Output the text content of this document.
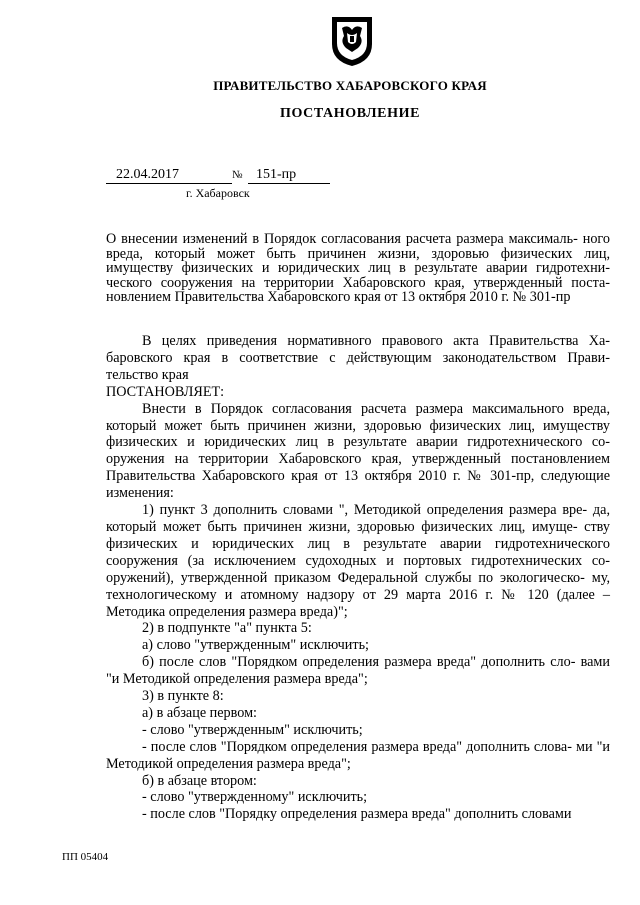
ПРАВИТЕЛЬСТВО ХАБАРОВСКОГО КРАЯ
ПОСТАНОВЛЕНИЕ
22.04.2017	№ 151-пр
г. Хабаровск
О внесении изменений в Порядок согласования расчета размера максималь- ного вреда, который может быть причинен жизни, здоровью физических лиц, имуществу физических и юридических лиц в результате аварии гидротехни- ческого сооружения на территории Хабаровского края, утвержденный поста- новлением Правительства Хабаровского края от 13 октября 2010 г. № 301-пр

В целях приведения нормативного правового акта Правительства Ха- баровского края в соответствие с действующим законодательством Прави- тельство края

ПОСТАНОВЛЯЕТ:

Внести в Порядок согласования расчета размера максимального вреда, который может быть причинен жизни, здоровью физических лиц, имуществу физических и юридических лиц в результате аварии гидротехнического со- оружения на территории Хабаровского края, утвержденный постановлением Правительства Хабаровского края от 13 октября 2010 г. № 301-пр, следующие изменения:

1) пункт 3 дополнить словами ", Методикой определения размера вре- да, который может быть причинен жизни, здоровью физических лиц, имуще- ству физических и юридических лиц в результате аварии гидротехнического сооружения (за исключением судоходных и портовых гидротехнических со- оружений), утвержденной приказом Федеральной службы по экологическо- му, технологическому и атомному надзору от 29 марта 2016 г. № 120 (далее – Методика определения размера вреда)";

2) в подпункте "а" пункта 5:

а) слово "утвержденным" исключить;

б) после слов "Порядком определения размера вреда" дополнить сло- вами "и Методикой определения размера вреда";

3) в пункте 8:

а) в абзаце первом:

- слово "утвержденным" исключить;

- после слов "Порядком определения размера вреда" дополнить слова- ми "и Методикой определения размера вреда";

б) в абзаце втором:

- слово "утвержденному" исключить;

- после слов "Порядку определения размера вреда" дополнить словами

ПП 05404
